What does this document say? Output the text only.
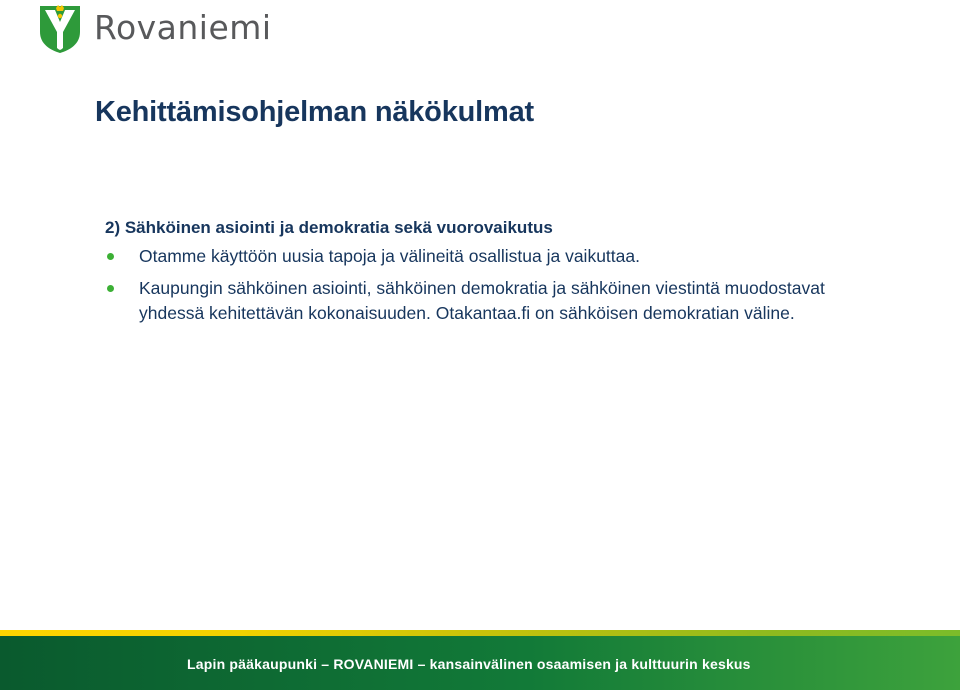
Rovaniemi
Kehittämisohjelman näkökulmat

2) Sähköinen asiointi ja demokratia sekä vuorovaikutus

Otamme käyttöön uusia tapoja ja välineitä osallistua ja vaikuttaa.
Kaupungin sähköinen asiointi, sähköinen demokratia ja sähköinen viestintä muodostavat yhdessä kehitettävän kokonaisuuden. Otakantaa.fi on sähköisen demokratian väline.
Lapin pääkaupunki – ROVANIEMI – kansainvälinen osaamisen ja kulttuurin keskus
